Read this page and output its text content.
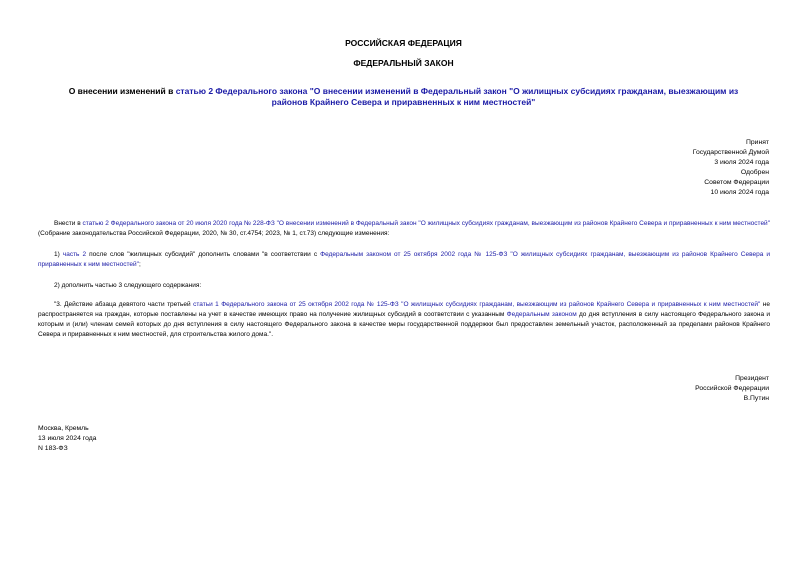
РОССИЙСКАЯ ФЕДЕРАЦИЯ
ФЕДЕРАЛЬНЫЙ ЗАКОН
О внесении изменений в статью 2 Федерального закона "О внесении изменений в Федеральный закон "О жилищных субсидиях гражданам, выезжающим из районов Крайнего Севера и приравненных к ним местностей"
Принят
Государственной Думой
3 июля 2024 года
Одобрен
Советом Федерации
10 июля 2024 года
Внести в статью 2 Федерального закона от 20 июля 2020 года № 228-ФЗ "О внесении изменений в Федеральный закон "О жилищных субсидиях гражданам, выезжающим из районов Крайнего Севера и приравненных к ним местностей" (Собрание законодательства Российской Федерации, 2020, № 30, ст.4754; 2023, № 1, ст.73) следующие изменения:
1) часть 2 после слов "жилищных субсидий" дополнить словами "в соответствии с Федеральным законом от 25 октября 2002 года № 125-ФЗ "О жилищных субсидиях гражданам, выезжающим из районов Крайнего Севера и приравненных к ним местностей";
2) дополнить частью 3 следующего содержания:
"3. Действие абзаца девятого части третьей статьи 1 Федерального закона от 25 октября 2002 года № 125-ФЗ "О жилищных субсидиях гражданам, выезжающим из районов Крайнего Севера и приравненных к ним местностей" не распространяется на граждан, которые поставлены на учет в качестве имеющих право на получение жилищных субсидий в соответствии с указанным Федеральным законом до дня вступления в силу настоящего Федерального закона и которым и (или) членам семей которых до дня вступления в силу настоящего Федерального закона в качестве меры государственной поддержки был предоставлен земельный участок, расположенный за пределами районов Крайнего Севера и приравненных к ним местностей, для строительства жилого дома.".
Президент
Российской Федерации
В.Путин
Москва, Кремль
13 июля 2024 года
N 183-ФЗ
